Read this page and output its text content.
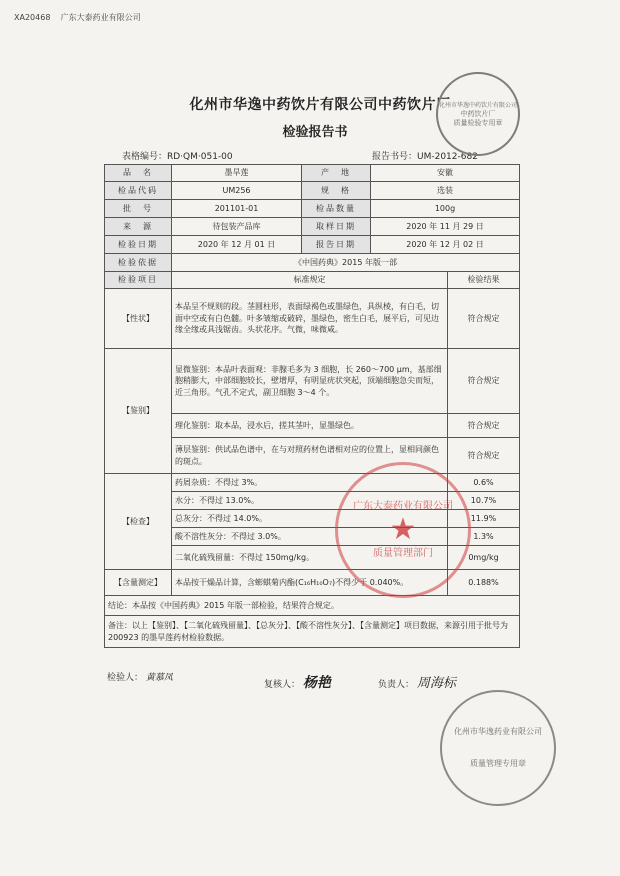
XA20468 广东大泰药业有限公司
化州市华逸中药饮片有限公司中药饮片厂
检验报告书
表格编号：RD·QM·051-00	报告书号：UM-2012-682
品　名	墨旱莲	产　地	安徽	
检品代码	UM256	规　格	选装	
批　号	201101-01	检品数量	100g	
来　源	待包装产品库	取样日期	2020 年 11 月 29 日	
检验日期	2020 年 12 月 01 日	报告日期	2020 年 12 月 02 日	
检验依据	《中国药典》2015 年版一部			
检验项目	标准规定			检验结果
【性状】	本品呈不规则的段。茎圆柱形，表面绿褐色或墨绿色，具纵棱，有白毛，切面中空或有白色髓。叶多皱缩或破碎，墨绿色，密生白毛，展平后，可见边缘全缘或具浅锯齿。头状花序。气微，味微咸。			符合规定
【鉴别】	显微鉴别：本品叶表面观：非腺毛多为 3 细胞，长 260～700 μm，基部细胞稍膨大，中部细胞较长，壁增厚，有明显疣状突起，顶端细胞急尖而短，近三角形。气孔不定式，副卫细胞 3～4 个。			符合规定
	理化鉴别：取本品，浸水后，搓其茎叶，显墨绿色。			符合规定
	薄层鉴别：供试品色谱中，在与对照药材色谱相对应的位置上，显相同颜色的斑点。			符合规定
【检查】	药屑杂质：不得过 3%。			0.6%
	水分：不得过 13.0%。			10.7%
	总灰分：不得过 14.0%。			11.9%
	酸不溶性灰分：不得过 3.0%。			1.3%
	二氧化硫残留量：不得过 150mg/kg。			0mg/kg
【含量测定】	本品按干燥品计算，含蟛蜞菊内酯(C₁₆H₁₀O₇)不得少于 0.040%。			0.188%
结论：本品按《中国药典》2015 年版一部检验，结果符合规定。				
备注：以上【鉴别】、【二氧化硫残留量】、【总灰分】、【酸不溶性灰分】、【含量测定】项目数据，来源引用于批号为 200923 的墨旱莲药材检验数据。				
检验人： 黄慕凤
复核人： 杨艳	负责人： 周海标
化州市华逸中药饮片有限公司
中药饮片厂
质量检验专用章
广东大泰药业有限公司
★
质量管理部门
化州市华逸药业有限公司
质量管理专用章
